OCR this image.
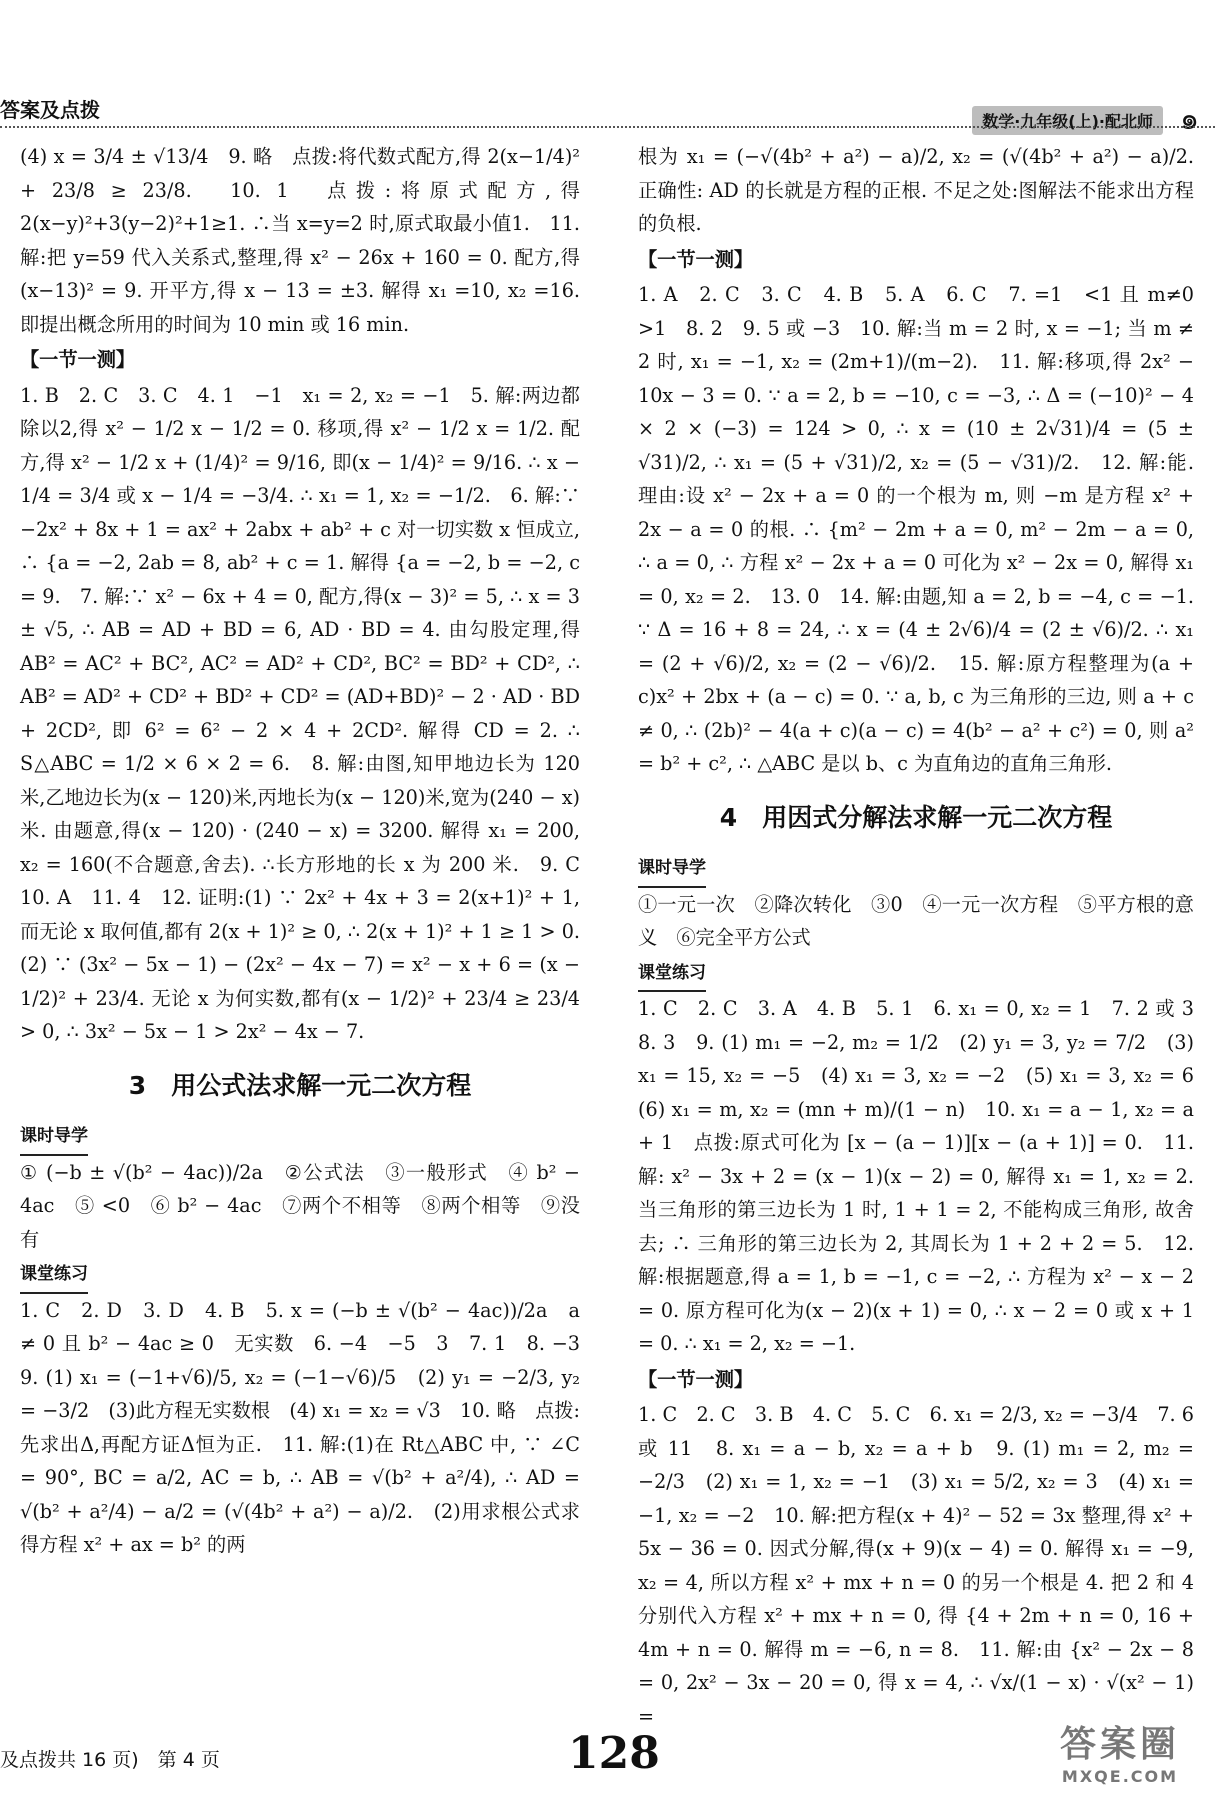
答案及点拨	数学·九年级(上)·配北师 ๑

(4) x = 3/4 ± √13/4　9. 略　点拨:将代数式配方,得 2(x−1/4)² + 23/8 ≥ 23/8.　10. 1　点拨:将原式配方,得 2(x−y)²+3(y−2)²+1≥1. ∴当 x=y=2 时,原式取最小值1.　11. 解:把 y=59 代入关系式,整理,得 x² − 26x + 160 = 0. 配方,得(x−13)² = 9. 开平方,得 x − 13 = ±3. 解得 x₁ =10, x₂ =16. 即提出概念所用的时间为 10 min 或 16 min.

【一节一测】

1. B　2. C　3. C　4. 1　−1　x₁ = 2, x₂ = −1　5. 解:两边都除以2,得 x² − 1/2 x − 1/2 = 0. 移项,得 x² − 1/2 x = 1/2. 配方,得 x² − 1/2 x + (1/4)² = 9/16, 即(x − 1/4)² = 9/16. ∴ x − 1/4 = 3/4 或 x − 1/4 = −3/4. ∴ x₁ = 1, x₂ = −1/2.　6. 解:∵ −2x² + 8x + 1 = ax² + 2abx + ab² + c 对一切实数 x 恒成立, ∴ {a = −2, 2ab = 8, ab² + c = 1. 解得 {a = −2, b = −2, c = 9.　7. 解:∵ x² − 6x + 4 = 0, 配方,得(x − 3)² = 5, ∴ x = 3 ± √5, ∴ AB = AD + BD = 6, AD · BD = 4. 由勾股定理,得 AB² = AC² + BC², AC² = AD² + CD², BC² = BD² + CD², ∴ AB² = AD² + CD² + BD² + CD² = (AD+BD)² − 2 · AD · BD + 2CD², 即 6² = 6² − 2 × 4 + 2CD². 解得 CD = 2. ∴ S△ABC = 1/2 × 6 × 2 = 6.　8. 解:由图,知甲地边长为 120 米,乙地边长为(x − 120)米,丙地长为(x − 120)米,宽为(240 − x)米. 由题意,得(x − 120) · (240 − x) = 3200. 解得 x₁ = 200, x₂ = 160(不合题意,舍去). ∴长方形地的长 x 为 200 米.　9. C　10. A　11. 4　12. 证明:(1) ∵ 2x² + 4x + 3 = 2(x+1)² + 1, 而无论 x 取何值,都有 2(x + 1)² ≥ 0, ∴ 2(x + 1)² + 1 ≥ 1 > 0.　(2) ∵ (3x² − 5x − 1) − (2x² − 4x − 7) = x² − x + 6 = (x − 1/2)² + 23/4. 无论 x 为何实数,都有(x − 1/2)² + 23/4 ≥ 23/4 > 0, ∴ 3x² − 5x − 1 > 2x² − 4x − 7.

3　用公式法求解一元二次方程
课时导学

① (−b ± √(b² − 4ac))/2a　②公式法　③一般形式　④ b² − 4ac　⑤ <0　⑥ b² − 4ac　⑦两个不相等　⑧两个相等　⑨没有

课堂练习

1. C　2. D　3. D　4. B　5. x = (−b ± √(b² − 4ac))/2a　a ≠ 0 且 b² − 4ac ≥ 0　无实数　6. −4　−5　3　7. 1　8. −3　9. (1) x₁ = (−1+√6)/5, x₂ = (−1−√6)/5　(2) y₁ = −2/3, y₂ = −3/2　(3)此方程无实数根　(4) x₁ = x₂ = √3　10. 略　点拨:先求出Δ,再配方证Δ恒为正.　11. 解:(1)在 Rt△ABC 中, ∵ ∠C = 90°, BC = a/2, AC = b, ∴ AB = √(b² + a²/4), ∴ AD = √(b² + a²/4) − a/2 = (√(4b² + a²) − a)/2.　(2)用求根公式求得方程 x² + ax = b² 的两

根为 x₁ = (−√(4b² + a²) − a)/2, x₂ = (√(4b² + a²) − a)/2. 正确性: AD 的长就是方程的正根. 不足之处:图解法不能求出方程的负根.

【一节一测】

1. A　2. C　3. C　4. B　5. A　6. C　7. =1　<1 且 m≠0　>1　8. 2　9. 5 或 −3　10. 解:当 m = 2 时, x = −1; 当 m ≠ 2 时, x₁ = −1, x₂ = (2m+1)/(m−2).　11. 解:移项,得 2x² − 10x − 3 = 0. ∵ a = 2, b = −10, c = −3, ∴ Δ = (−10)² − 4 × 2 × (−3) = 124 > 0, ∴ x = (10 ± 2√31)/4 = (5 ± √31)/2, ∴ x₁ = (5 + √31)/2, x₂ = (5 − √31)/2.　12. 解:能. 理由:设 x² − 2x + a = 0 的一个根为 m, 则 −m 是方程 x² + 2x − a = 0 的根. ∴ {m² − 2m + a = 0, m² − 2m − a = 0, ∴ a = 0, ∴ 方程 x² − 2x + a = 0 可化为 x² − 2x = 0, 解得 x₁ = 0, x₂ = 2.　13. 0　14. 解:由题,知 a = 2, b = −4, c = −1. ∵ Δ = 16 + 8 = 24, ∴ x = (4 ± 2√6)/4 = (2 ± √6)/2. ∴ x₁ = (2 + √6)/2, x₂ = (2 − √6)/2.　15. 解:原方程整理为(a + c)x² + 2bx + (a − c) = 0. ∵ a, b, c 为三角形的三边, 则 a + c ≠ 0, ∴ (2b)² − 4(a + c)(a − c) = 4(b² − a² + c²) = 0, 则 a² = b² + c², ∴ △ABC 是以 b、c 为直角边的直角三角形.

4　用因式分解法求解一元二次方程
课时导学

①一元一次　②降次转化　③0　④一元一次方程　⑤平方根的意义　⑥完全平方公式

课堂练习

1. C　2. C　3. A　4. B　5. 1　6. x₁ = 0, x₂ = 1　7. 2 或 3　8. 3　9. (1) m₁ = −2, m₂ = 1/2　(2) y₁ = 3, y₂ = 7/2　(3) x₁ = 15, x₂ = −5　(4) x₁ = 3, x₂ = −2　(5) x₁ = 3, x₂ = 6　(6) x₁ = m, x₂ = (mn + m)/(1 − n)　10. x₁ = a − 1, x₂ = a + 1　点拨:原式可化为 [x − (a − 1)][x − (a + 1)] = 0.　11. 解: x² − 3x + 2 = (x − 1)(x − 2) = 0, 解得 x₁ = 1, x₂ = 2. 当三角形的第三边长为 1 时, 1 + 1 = 2, 不能构成三角形, 故舍去; ∴ 三角形的第三边长为 2, 其周长为 1 + 2 + 2 = 5.　12. 解:根据题意,得 a = 1, b = −1, c = −2, ∴ 方程为 x² − x − 2 = 0. 原方程可化为(x − 2)(x + 1) = 0, ∴ x − 2 = 0 或 x + 1 = 0. ∴ x₁ = 2, x₂ = −1.

【一节一测】

1. C　2. C　3. B　4. C　5. C　6. x₁ = 2/3, x₂ = −3/4　7. 6 或 11　8. x₁ = a − b, x₂ = a + b　9. (1) m₁ = 2, m₂ = −2/3　(2) x₁ = 1, x₂ = −1　(3) x₁ = 5/2, x₂ = 3　(4) x₁ = −1, x₂ = −2　10. 解:把方程(x + 4)² − 52 = 3x 整理,得 x² + 5x − 36 = 0. 因式分解,得(x + 9)(x − 4) = 0. 解得 x₁ = −9, x₂ = 4, 所以方程 x² + mx + n = 0 的另一个根是 4. 把 2 和 4 分别代入方程 x² + mx + n = 0, 得 {4 + 2m + n = 0, 16 + 4m + n = 0. 解得 m = −6, n = 8.　11. 解:由 {x² − 2x − 8 = 0, 2x² − 3x − 20 = 0, 得 x = 4, ∴ √x/(1 − x) · √(x² − 1) =

及点拨共 16 页)　第 4 页	128	答案圈
MXQE.COM
